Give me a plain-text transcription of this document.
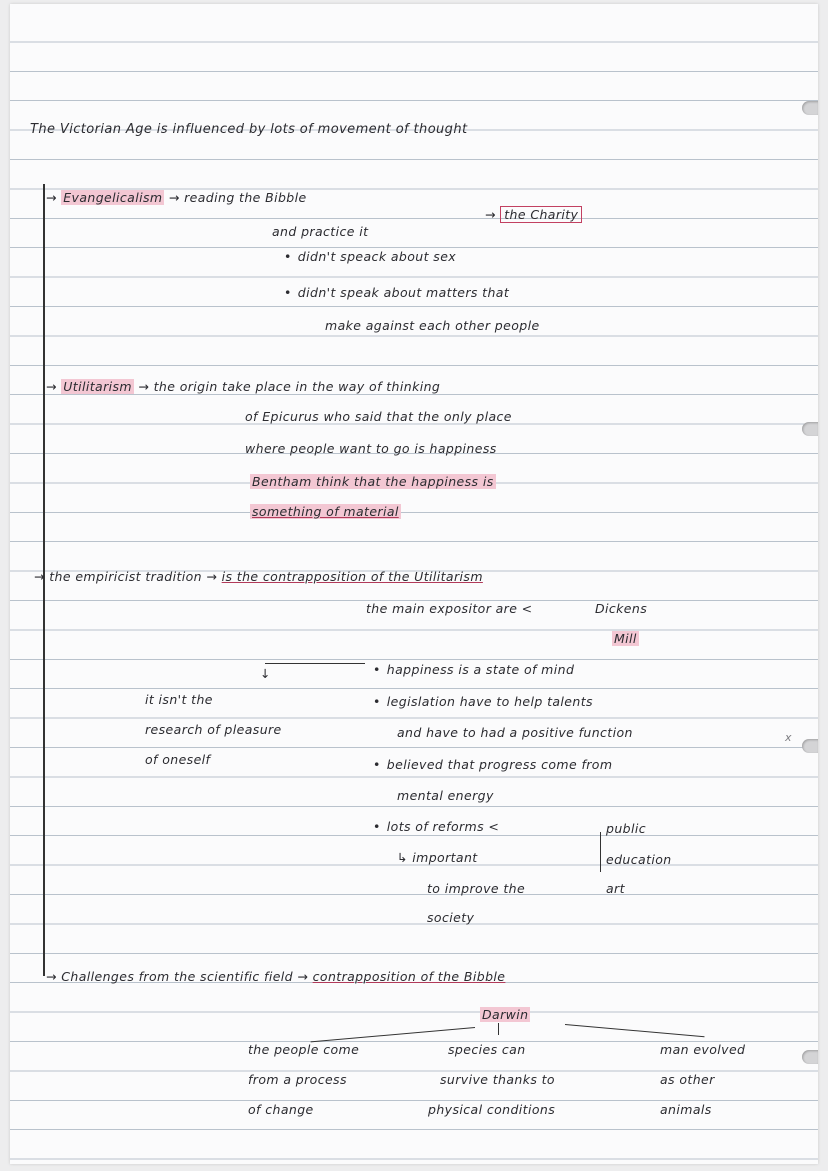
The Victorian Age is influenced by lots of movement of thought
→ Evangelicalism → reading the Bibble
→ the Charity
and practice it
• didn't speack about sex
• didn't speak about matters that
make against each other people
→ Utilitarism → the origin take place in the way of thinking
of Epicurus who said that the only place
where people want to go is happiness
Bentham think that the happiness is
something of material
→ the empiricist tradition → is the contrapposition of the Utilitarism
the main expositor are <	Dickens
Mill
↓
it isn't the
research of pleasure
of oneself
• happiness is a state of mind
• legislation have to help talents
and have to had a positive function
• believed that progress come from
mental energy
• lots of reforms <
↳ important
to improve the
society
public
education
art
x
→ Challenges from the scientific field → contrapposition of the Bibble
Darwin
the people come
from a process
of change
species can
survive thanks to
physical conditions
man evolved
as other
animals
